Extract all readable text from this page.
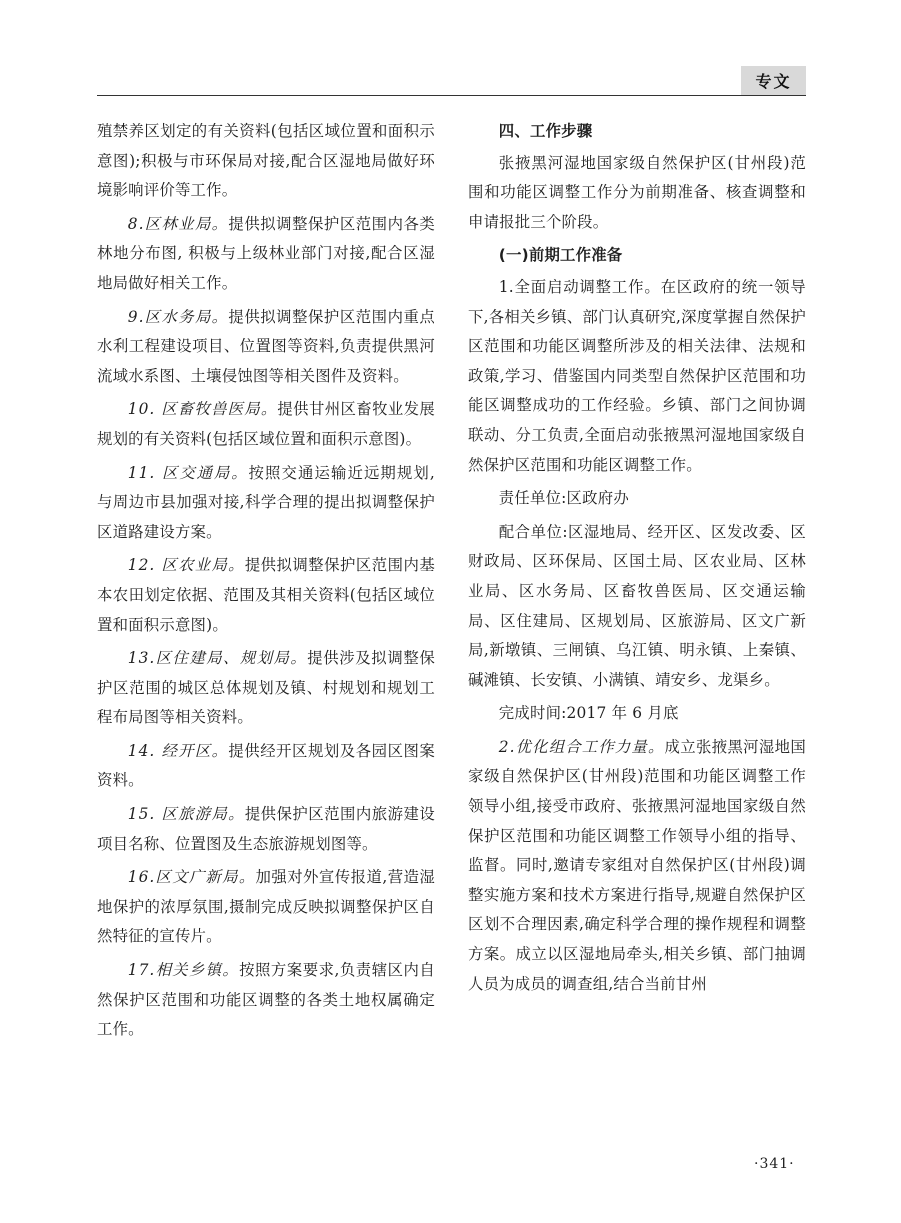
专文

殖禁养区划定的有关资料(包括区域位置和面积示意图);积极与市环保局对接,配合区湿地局做好环境影响评价等工作。

8.区林业局。提供拟调整保护区范围内各类林地分布图, 积极与上级林业部门对接,配合区湿地局做好相关工作。

9.区水务局。提供拟调整保护区范围内重点水利工程建设项目、位置图等资料,负责提供黑河流域水系图、土壤侵蚀图等相关图件及资料。

10. 区畜牧兽医局。提供甘州区畜牧业发展规划的有关资料(包括区域位置和面积示意图)。

11. 区交通局。按照交通运输近远期规划,与周边市县加强对接,科学合理的提出拟调整保护区道路建设方案。

12. 区农业局。提供拟调整保护区范围内基本农田划定依据、范围及其相关资料(包括区域位置和面积示意图)。

13.区住建局、规划局。提供涉及拟调整保护区范围的城区总体规划及镇、村规划和规划工程布局图等相关资料。

14. 经开区。提供经开区规划及各园区图案资料。

15. 区旅游局。提供保护区范围内旅游建设项目名称、位置图及生态旅游规划图等。

16.区文广新局。加强对外宣传报道,营造湿地保护的浓厚氛围,摄制完成反映拟调整保护区自然特征的宣传片。

17.相关乡镇。按照方案要求,负责辖区内自然保护区范围和功能区调整的各类土地权属确定工作。

四、工作步骤

张掖黑河湿地国家级自然保护区(甘州段)范围和功能区调整工作分为前期准备、核查调整和申请报批三个阶段。

(一)前期工作准备

1.全面启动调整工作。在区政府的统一领导下,各相关乡镇、部门认真研究,深度掌握自然保护区范围和功能区调整所涉及的相关法律、法规和政策,学习、借鉴国内同类型自然保护区范围和功能区调整成功的工作经验。乡镇、部门之间协调联动、分工负责,全面启动张掖黑河湿地国家级自然保护区范围和功能区调整工作。

责任单位:区政府办

配合单位:区湿地局、经开区、区发改委、区财政局、区环保局、区国土局、区农业局、区林业局、区水务局、区畜牧兽医局、区交通运输局、区住建局、区规划局、区旅游局、区文广新局,新墩镇、三闸镇、乌江镇、明永镇、上秦镇、碱滩镇、长安镇、小满镇、靖安乡、龙渠乡。

完成时间:2017 年 6 月底

2.优化组合工作力量。成立张掖黑河湿地国家级自然保护区(甘州段)范围和功能区调整工作领导小组,接受市政府、张掖黑河湿地国家级自然保护区范围和功能区调整工作领导小组的指导、监督。同时,邀请专家组对自然保护区(甘州段)调整实施方案和技术方案进行指导,规避自然保护区区划不合理因素,确定科学合理的操作规程和调整方案。成立以区湿地局牵头,相关乡镇、部门抽调人员为成员的调查组,结合当前甘州

·341·
